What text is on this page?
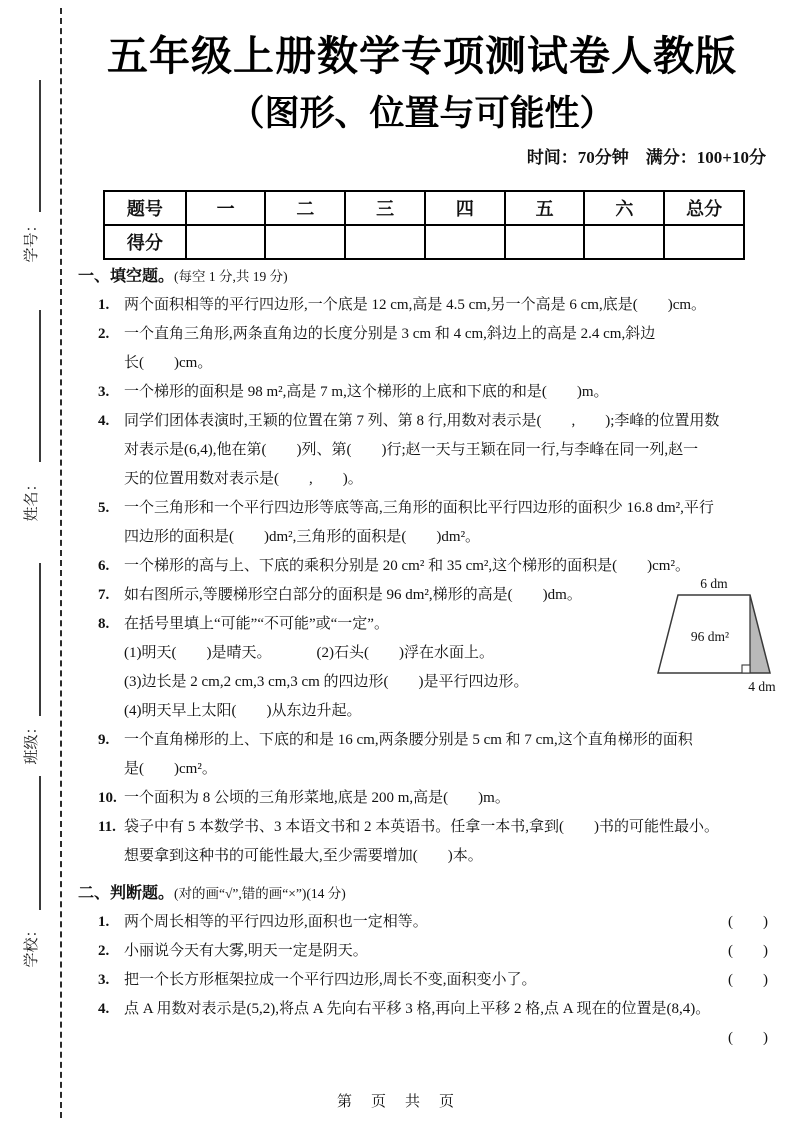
学号：
姓名：
班级：
学校：
五年级上册数学专项测试卷人教版
（图形、位置与可能性）
时间：70分钟　满分：100+10分
题号	一	二	三	四	五	六	总分
得分							
一、填空题。(每空 1 分,共 19 分)
1. 两个面积相等的平行四边形,一个底是 12 cm,高是 4.5 cm,另一个高是 6 cm,底是(　　)cm。
2. 一个直角三角形,两条直角边的长度分别是 3 cm 和 4 cm,斜边上的高是 2.4 cm,斜边
长(　　)cm。
3. 一个梯形的面积是 98 m²,高是 7 m,这个梯形的上底和下底的和是(　　)m。
4. 同学们团体表演时,王颖的位置在第 7 列、第 8 行,用数对表示是(　　,　　);李峰的位置用数
对表示是(6,4),他在第(　　)列、第(　　)行;赵一天与王颖在同一行,与李峰在同一列,赵一
天的位置用数对表示是(　　,　　)。
5. 一个三角形和一个平行四边形等底等高,三角形的面积比平行四边形的面积少 16.8 dm²,平行
四边形的面积是(　　)dm²,三角形的面积是(　　)dm²。
6. 一个梯形的高与上、下底的乘积分别是 20 cm² 和 35 cm²,这个梯形的面积是(　　)cm²。
7. 如右图所示,等腰梯形空白部分的面积是 96 dm²,梯形的高是(　　)dm。
8. 在括号里填上“可能”“不可能”或“一定”。
(1)明天(　　)是晴天。	(2)石头(　　)浮在水面上。
(3)边长是 2 cm,2 cm,3 cm,3 cm 的四边形(　　)是平行四边形。
(4)明天早上太阳(　　)从东边升起。
9. 一个直角梯形的上、下底的和是 16 cm,两条腰分别是 5 cm 和 7 cm,这个直角梯形的面积
是(　　)cm²。
10. 一个面积为 8 公顷的三角形菜地,底是 200 m,高是(　　)m。
11. 袋子中有 5 本数学书、3 本语文书和 2 本英语书。任拿一本书,拿到(　　)书的可能性最小。
想要拿到这种书的可能性最大,至少需要增加(　　)本。
二、判断题。(对的画“√”,错的画“×”)(14 分)
1. 两个周长相等的平行四边形,面积也一定相等。	(　　)
2. 小丽说今天有大雾,明天一定是阴天。	(　　)
3. 把一个长方形框架拉成一个平行四边形,周长不变,面积变小了。	(　　)
4. 点 A 用数对表示是(5,2),将点 A 先向右平移 3 格,再向上平移 2 格,点 A 现在的位置是(8,4)。
(　　)
6 dm
96 dm²
4 dm
第　页　共　页
